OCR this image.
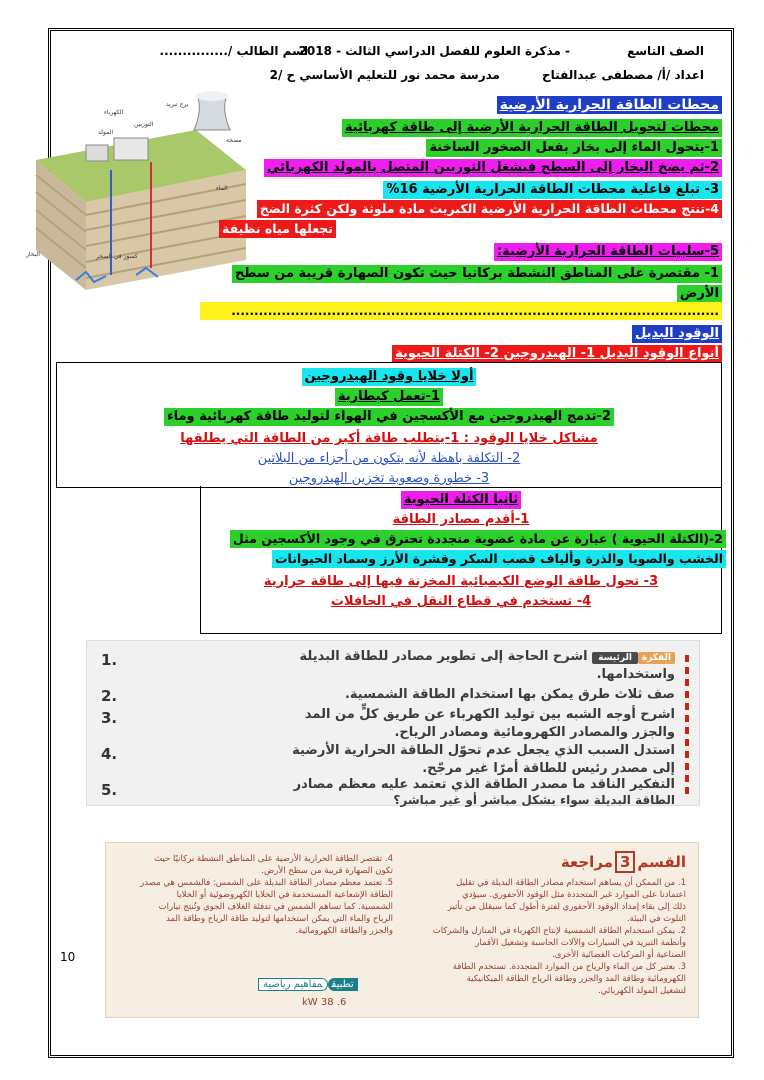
الصف التاسع
- مذكرة العلوم للفصل الدراسي الثالث - 2018
اسم الطالب /...............
اعداد /أ/ مصطفى عبدالفتاح
مدرسة محمد نور للتعليم الأساسي ح /2
برج تبريد
الكهرباء
التوربين
المولد
مضخة
الماء
كسور في الصخر
البخار
محطات الطاقة الحرارية الأرضية
محطات لتحويل الطاقة الحرارية الأرضية إلى طاقة كهربائية
1-يتحول الماء إلى بخار بفعل الصخور الساخنة
2-ثم يضخ البخار إلى السطح فيشغل التوربين المتصل بالمولد الكهربائي
3- تبلغ فاعلية محطات الطاقة الحرارية الأرضية 16%
4-تنتج محطات الطاقة الحرارية الأرضية الكبريت مادة ملوثة ولكن كثرة الضخ
تجعلها مياه نظيفة
5-سلبيات الطاقة الحرارية الأرضية:
1- مقتصرة على المناطق النشطة بركانيا حيث تكون الصهارة قريبة من سطح
الأرض
...........................................................................................................
الوقود البديل
أنواع الوقود البديل 1- الهيدروجين 2- الكتلة الحيوية
أولا خلايا وقود الهيدروجين
1-تعمل كبطارية
2-تدمج الهيدروجين مع الأكسجين في الهواء لتوليد طاقة كهربائية وماء
مشاكل خلايا الوقود : 1-يتطلب طاقة أكبر من الطاقة التي يطلقها
2- التكلفة باهظة لأنه يتكون من أجزاء من البلاتين
3- خطورة وصعوبة تخزين الهيدروجين
ثانيا الكتلة الحيوية
1-أقدم مصادر الطاقة
2-(الكتلة الحيوية ) عبارة عن مادة عضوية متجددة تحترق في وجود الأكسجين مثل
الخشب والصويا والذرة وألياف قصب السكر وقشرة الأرز وسماد الحيوانات
3- تحول طاقة الوضع الكيميائية المخزنة فيها إلى طاقة حرارية
4- تستخدم في قطاع النقل في الحافلات
1.	الفكرةالرئيسة اشرح الحاجة إلى تطوير مصادر للطاقة البديلة
واستخدامها.
2.	صف ثلاث طرق يمكن بها استخدام الطاقة الشمسية.
3.	اشرح أوجه الشبه بين توليد الكهرباء عن طريق كلٍّ من المد
والجزر والمصادر الكهرومائية ومصادر الرياح.
4.	استدل السبب الذي يجعل عدم تحوّل الطاقة الحرارية الأرضية
إلى مصدر رئيس للطاقة أمرًا غير مرجّح.
5.	التفكير الناقد ما مصدر الطاقة الذي تعتمد عليه معظم مصادر
الطاقة البديلة سواء بشكل مباشر أو غير مباشر؟
القسم3مراجعة
1. من الممكن أن يساهم استخدام مصادر الطاقة البديلة في تقليل
اعتمادنا على الموارد غير المتجددة مثل الوقود الأحفوري. سيؤدي
ذلك إلى بقاء إمداد الوقود الأحفوري لفترة أطول كما سيقلل من تأثير
التلوث في البيئة.
2. يمكن استخدام الطاقة الشمسية لإنتاج الكهرباء في المنازل والشركات
وأنظمة التبريد في السيارات والآلات الحاسبة وتشغيل الأقمار
الصناعية أو المركبات الفضائية الأخرى.
3. يعتبر كل من الماء والرياح من الموارد المتجددة. تستخدم الطاقة
الكهرومائية وطاقة المد والجزر وطاقة الرياح الطاقة الميكانيكية
لتشغيل المولد الكهربائي.
4. تقتصر الطاقة الحرارية الأرضية على المناطق النشطة بركانيًا حيث
تكون الصهارة قريبة من سطح الأرض.
5. تعتمد معظم مصادر الطاقة البديلة على الشمس: فالشمس هي مصدر
الطاقة الإشعاعية المستخدمة في الخلايا الكهروضوئية أو الخلايا
الشمسية. كما تساهم الشمس في تدفئة الغلاف الجوي وتُنتج تيارات
الرياح والماء التي يمكن استخدامها لتوليد طاقة الرياح وطاقة المد
والجزر والطاقة الكهرومائية.
تطبيقمفاهيم رياضية
6. 38 kW
10
